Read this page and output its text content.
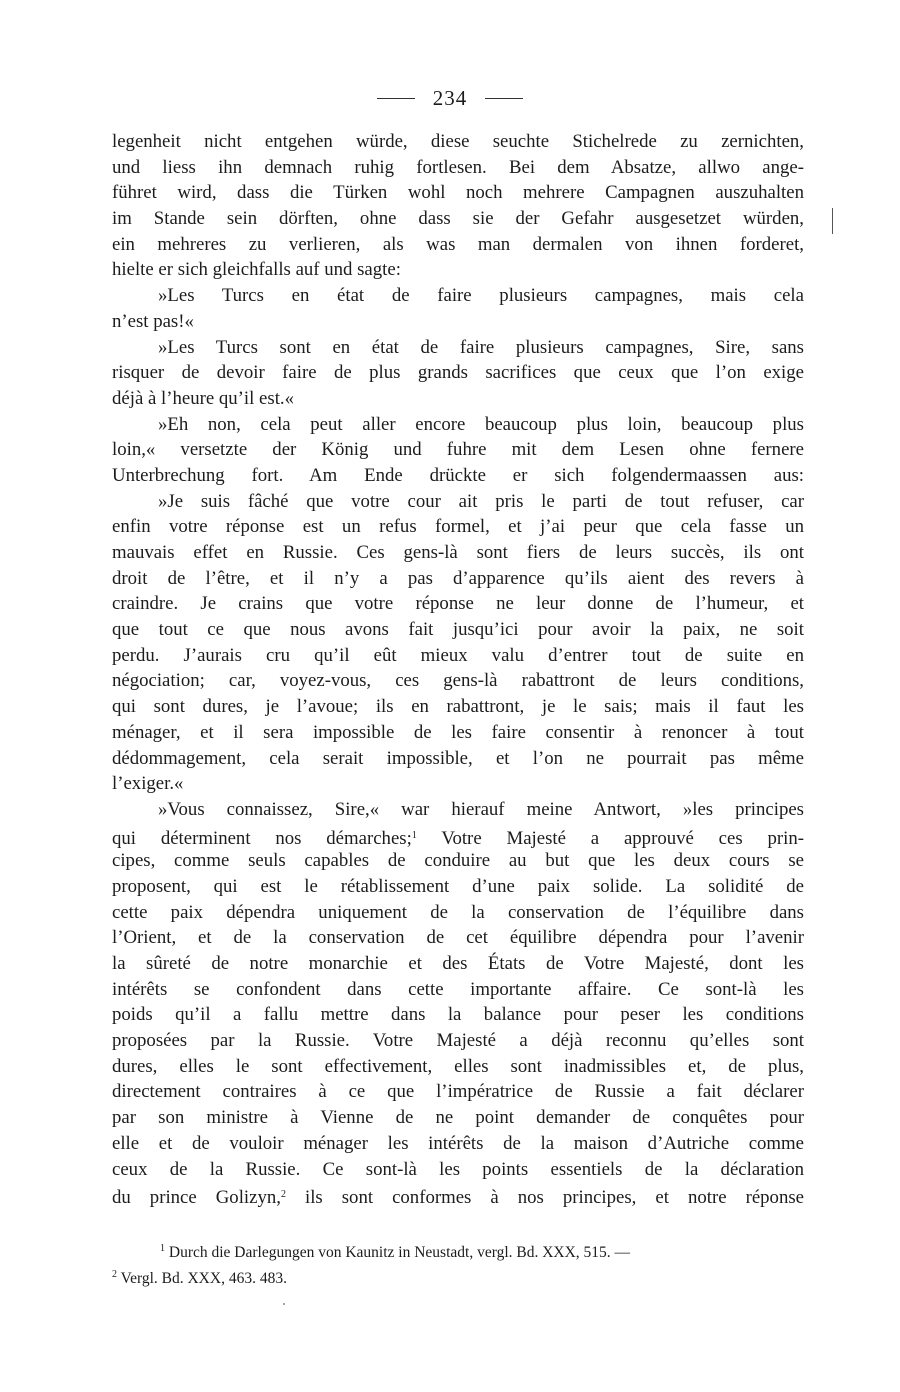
234
legenheit nicht entgehen würde, diese seuchte Stichelrede zu zernichten,
und liess ihn demnach ruhig fortlesen. Bei dem Absatze, allwo ange-
führet wird, dass die Türken wohl noch mehrere Campagnen auszuhalten
im Stande sein dörften, ohne dass sie der Gefahr ausgesetzet würden,
ein mehreres zu verlieren, als was man dermalen von ihnen forderet,
hielte er sich gleichfalls auf und sagte:
»Les Turcs en état de faire plusieurs campagnes, mais cela
n’est pas!«
»Les Turcs sont en état de faire plusieurs campagnes, Sire, sans
risquer de devoir faire de plus grands sacrifices que ceux que l’on exige
déjà à l’heure qu’il est.«
»Eh non, cela peut aller encore beaucoup plus loin, beaucoup plus
loin,« versetzte der König und fuhre mit dem Lesen ohne fernere
Unterbrechung fort. Am Ende drückte er sich folgendermaassen aus:
»Je suis fâché que votre cour ait pris le parti de tout refuser, car
enfin votre réponse est un refus formel, et j’ai peur que cela fasse un
mauvais effet en Russie. Ces gens-là sont fiers de leurs succès, ils ont
droit de l’être, et il n’y a pas d’apparence qu’ils aient des revers à
craindre. Je crains que votre réponse ne leur donne de l’humeur, et
que tout ce que nous avons fait jusqu’ici pour avoir la paix, ne soit
perdu. J’aurais cru qu’il eût mieux valu d’entrer tout de suite en
négociation; car, voyez-vous, ces gens-là rabattront de leurs conditions,
qui sont dures, je l’avoue; ils en rabattront, je le sais; mais il faut les
ménager, et il sera impossible de les faire consentir à renoncer à tout
dédommagement, cela serait impossible, et l’on ne pourrait pas même
l’exiger.«
»Vous connaissez, Sire,« war hierauf meine Antwort, »les principes
qui déterminent nos démarches;$^1$ Votre Majesté a approuvé ces prin-
cipes, comme seuls capables de conduire au but que les deux cours se
proposent, qui est le rétablissement d’une paix solide. La solidité de
cette paix dépendra uniquement de la conservation de l’équilibre dans
l’Orient, et de la conservation de cet équilibre dépendra pour l’avenir
la sûreté de notre monarchie et des États de Votre Majesté, dont les
intérêts se confondent dans cette importante affaire. Ce sont-là les
poids qu’il a fallu mettre dans la balance pour peser les conditions
proposées par la Russie. Votre Majesté a déjà reconnu qu’elles sont
dures, elles le sont effectivement, elles sont inadmissibles et, de plus,
directement contraires à ce que l’impératrice de Russie a fait déclarer
par son ministre à Vienne de ne point demander de conquêtes pour
elle et de vouloir ménager les intérêts de la maison d’Autriche comme
ceux de la Russie. Ce sont-là les points essentiels de la déclaration
du prince Golizyn,$^2$ ils sont conformes à nos principes, et notre réponse
$^1$ Durch die Darlegungen von Kaunitz in Neustadt, vergl. Bd. XXX, 515. —
$^2$ Vergl. Bd. XXX, 463. 483.
